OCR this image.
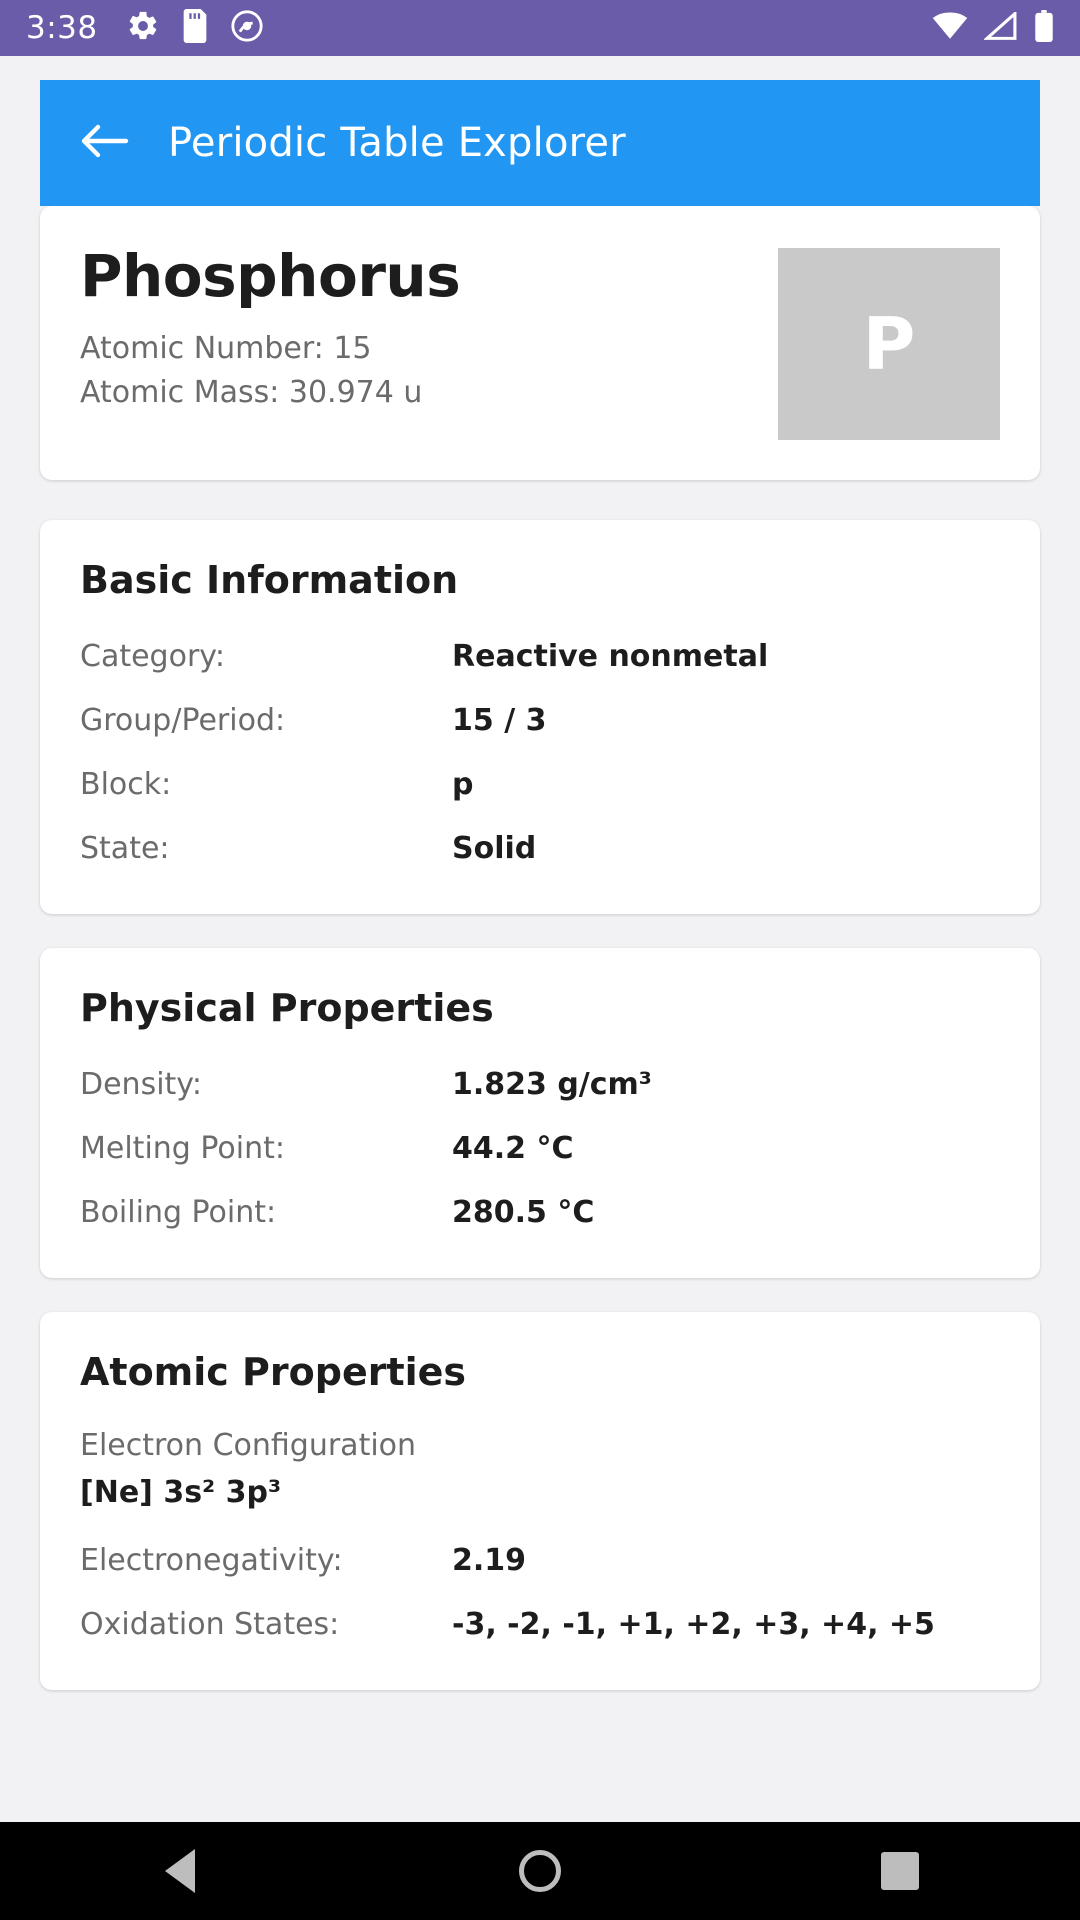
3:38
Periodic Table Explorer
Phosphorus
Atomic Number: 15
Atomic Mass: 30.974 u
P
Basic Information
Category:	Reactive nonmetal
Group/Period:	15 / 3
Block:	p
State:	Solid
Physical Properties
Density:	1.823 g/cm³
Melting Point:	44.2 °C
Boiling Point:	280.5 °C
Atomic Properties
Electron Configuration
[Ne] 3s² 3p³
Electronegativity:	2.19
Oxidation States:	-3, -2, -1, +1, +2, +3, +4, +5
